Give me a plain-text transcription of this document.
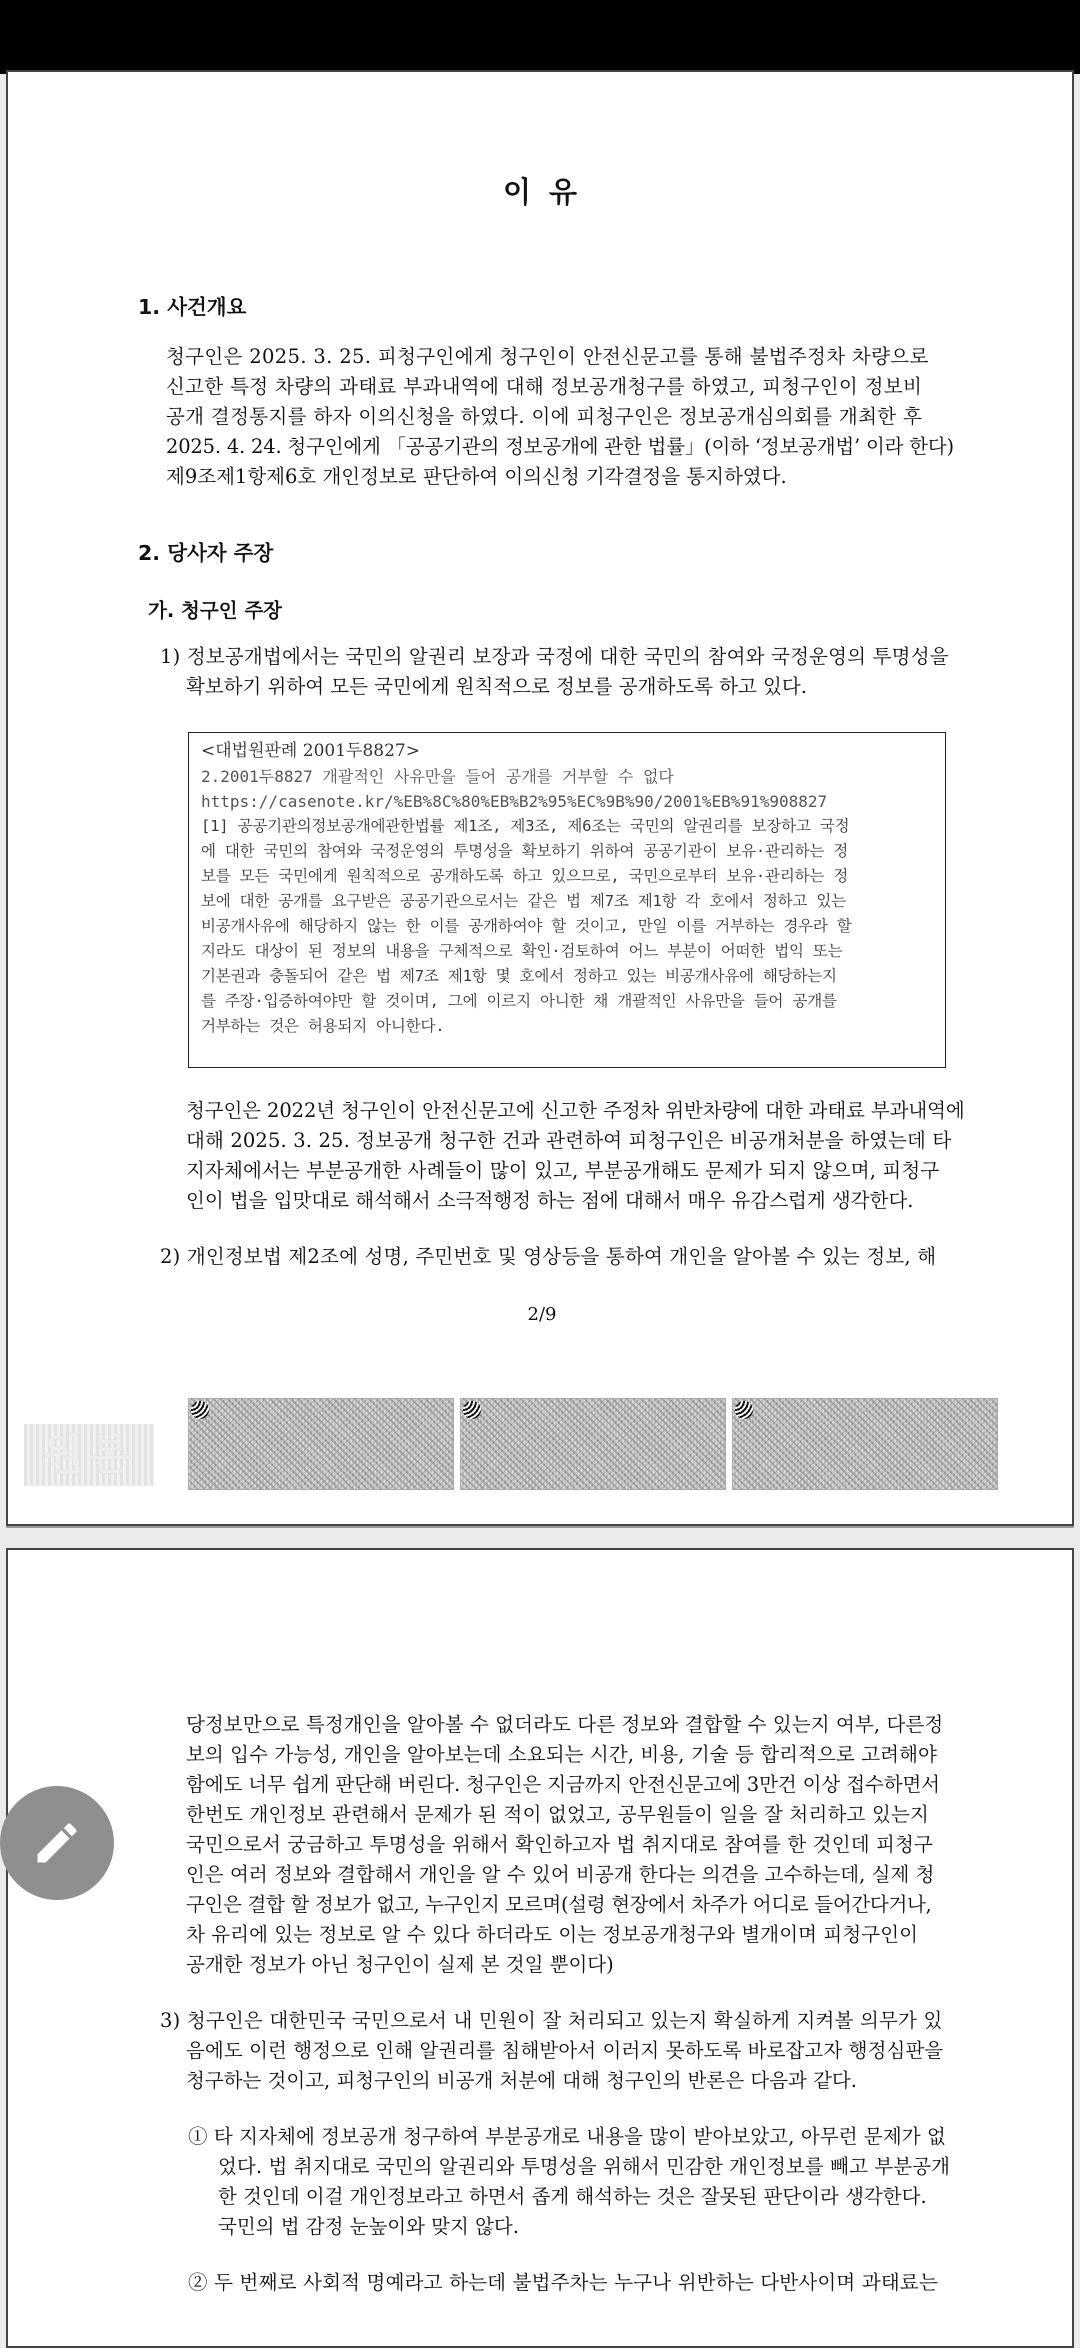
이 유
1. 사건개요
청구인은 2025. 3. 25. 피청구인에게 청구인이 안전신문고를 통해 불법주정차 차량으로
신고한 특정 차량의 과태료 부과내역에 대해 정보공개청구를 하였고, 피청구인이 정보비
공개 결정통지를 하자 이의신청을 하였다. 이에 피청구인은 정보공개심의회를 개최한 후
2025. 4. 24. 청구인에게 「공공기관의 정보공개에 관한 법률」(이하 ‘정보공개법’ 이라 한다)
제9조제1항제6호 개인정보로 판단하여 이의신청 기각결정을 통지하였다.
2. 당사자 주장
가. 청구인 주장
1) 정보공개법에서는 국민의 알권리 보장과 국정에 대한 국민의 참여와 국정운영의 투명성을
확보하기 위하여 모든 국민에게 원칙적으로 정보를 공개하도록 하고 있다.
<대법원판례 2001두8827>
2.2001두8827 개괄적인 사유만을 들어 공개를 거부할 수 없다
https://casenote.kr/%EB%8C%80%EB%B2%95%EC%9B%90/2001%EB%91%908827
[1] 공공기관의정보공개에관한법률 제1조, 제3조, 제6조는 국민의 알권리를 보장하고 국정
에 대한 국민의 참여와 국정운영의 투명성을 확보하기 위하여 공공기관이 보유·관리하는 정
보를 모든 국민에게 원칙적으로 공개하도록 하고 있으므로, 국민으로부터 보유·관리하는 정
보에 대한 공개를 요구받은 공공기관으로서는 같은 법 제7조 제1항 각 호에서 정하고 있는
비공개사유에 해당하지 않는 한 이를 공개하여야 할 것이고, 만일 이를 거부하는 경우라 할
지라도 대상이 된 정보의 내용을 구체적으로 확인·검토하여 어느 부분이 어떠한 법익 또는
기본권과 충돌되어 같은 법 제7조 제1항 몇 호에서 정하고 있는 비공개사유에 해당하는지
를 주장·입증하여야만 할 것이며, 그에 이르지 아니한 채 개괄적인 사유만을 들어 공개를
거부하는 것은 허용되지 아니한다.
청구인은 2022년 청구인이 안전신문고에 신고한 주정차 위반차량에 대한 과태료 부과내역에
대해 2025. 3. 25. 정보공개 청구한 건과 관련하여 피청구인은 비공개처분을 하였는데 타
지자체에서는 부분공개한 사례들이 많이 있고, 부분공개해도 문제가 되지 않으며, 피청구
인이 법을 입맛대로 해석해서 소극적행정 하는 점에 대해서 매우 유감스럽게 생각한다.
2) 개인정보법 제2조에 성명, 주민번호 및 영상등을 통하여 개인을 알아볼 수 있는 정보, 해
2/9
원본
당정보만으로 특정개인을 알아볼 수 없더라도 다른 정보와 결합할 수 있는지 여부, 다른정
보의 입수 가능성, 개인을 알아보는데 소요되는 시간, 비용, 기술 등 합리적으로 고려해야
함에도 너무 쉽게 판단해 버린다. 청구인은 지금까지 안전신문고에 3만건 이상 접수하면서
한번도 개인정보 관련해서 문제가 된 적이 없었고, 공무원들이 일을 잘 처리하고 있는지
국민으로서 궁금하고 투명성을 위해서 확인하고자 법 취지대로 참여를 한 것인데 피청구
인은 여러 정보와 결합해서 개인을 알 수 있어 비공개 한다는 의견을 고수하는데, 실제 청
구인은 결합 할 정보가 없고, 누구인지 모르며(설령 현장에서 차주가 어디로 들어간다거나,
차 유리에 있는 정보로 알 수 있다 하더라도 이는 정보공개청구와 별개이며 피청구인이
공개한 정보가 아닌 청구인이 실제 본 것일 뿐이다)
3) 청구인은 대한민국 국민으로서 내 민원이 잘 처리되고 있는지 확실하게 지켜볼 의무가 있
음에도 이런 행정으로 인해 알권리를 침해받아서 이러지 못하도록 바로잡고자 행정심판을
청구하는 것이고, 피청구인의 비공개 처분에 대해 청구인의 반론은 다음과 같다.
① 타 지자체에 정보공개 청구하여 부분공개로 내용을 많이 받아보았고, 아무런 문제가 없
었다. 법 취지대로 국민의 알권리와 투명성을 위해서 민감한 개인정보를 빼고 부분공개
한 것인데 이걸 개인정보라고 하면서 좁게 해석하는 것은 잘못된 판단이라 생각한다.
국민의 법 감정 눈높이와 맞지 않다.
② 두 번째로 사회적 명예라고 하는데 불법주차는 누구나 위반하는 다반사이며 과태료는
